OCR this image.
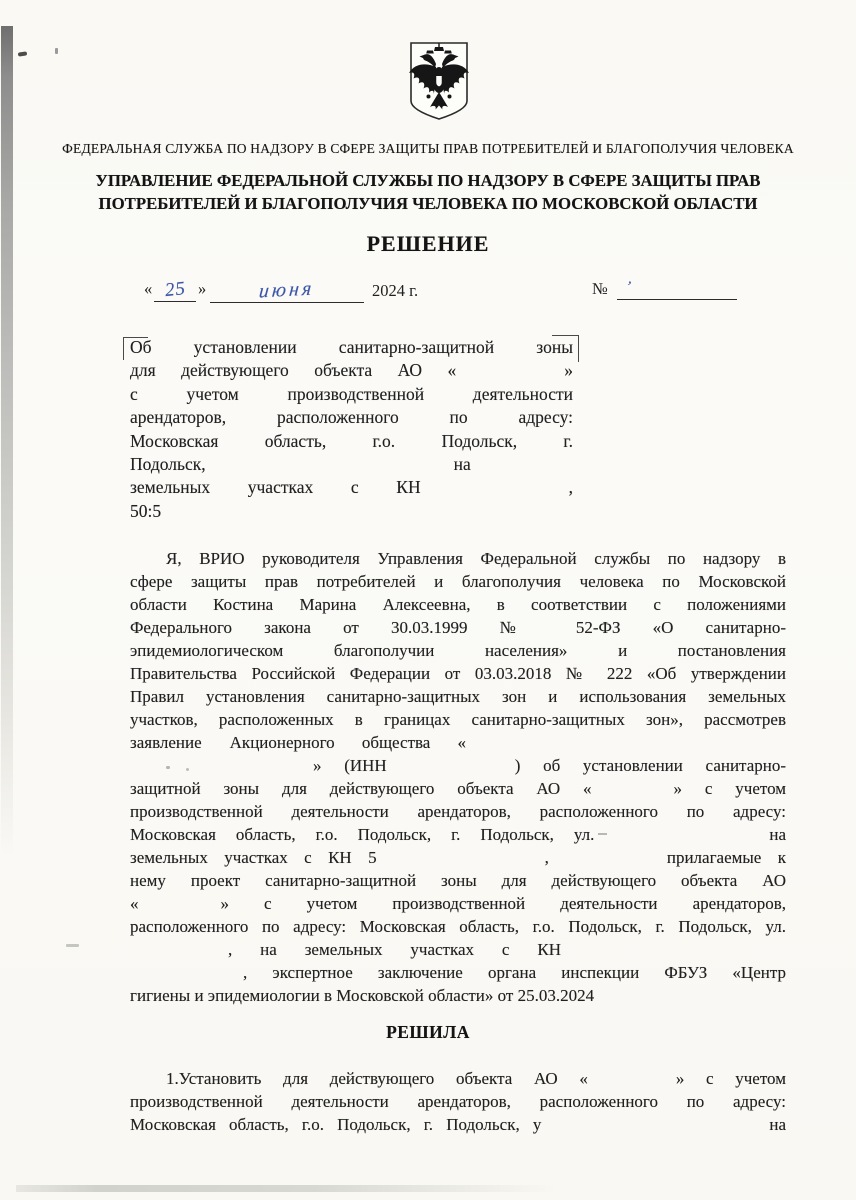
ФЕДЕРАЛЬНАЯ СЛУЖБА ПО НАДЗОРУ В СФЕРЕ ЗАЩИТЫ ПРАВ ПОТРЕБИТЕЛЕЙ И БЛАГОПОЛУЧИЯ ЧЕЛОВЕКА
УПРАВЛЕНИЕ ФЕДЕРАЛЬНОЙ СЛУЖБЫ ПО НАДЗОРУ В СФЕРЕ ЗАЩИТЫ ПРАВ ПОТРЕБИТЕЛЕЙ И БЛАГОПОЛУЧИЯ ЧЕЛОВЕКА ПО МОСКОВСКОЙ ОБЛАСТИ
РЕШЕНИЕ
« 25 »	июня	2024 г.	№ ʼ
Об установлении санитарно-защитной зоны
для действующего объекта АО «	»
с учетом производственной деятельности
арендаторов, расположенного по адресу:
Московская область, г.о. Подольск, г.
Подольск,	на
земельных участках с КН	,
50:5
Я, ВРИО руководителя Управления Федеральной службы по надзору в
сфере защиты прав потребителей и благополучия человека по Московской
области Костина Марина Алексеевна, в соответствии с положениями
Федерального закона от 30.03.1999 № 52-ФЗ «О санитарно-
эпидемиологическом благополучии населения» и постановления
Правительства Российской Федерации от 03.03.2018 № 222 «Об утверждении
Правил установления санитарно-защитных зон и использования земельных
участков, расположенных в границах санитарно-защитных зон», рассмотрев
заявление Акционерного общества «
» (ИНН	) об установлении санитарно-
защитной зоны для действующего объекта АО «	» с учетом
производственной деятельности арендаторов, расположенного по адресу:
Московская область, г.о. Подольск, г. Подольск, ул.	на
земельных участках с КН 5	,	прилагаемые к
нему проект санитарно-защитной зоны для действующего объекта АО
«	» с учетом производственной деятельности арендаторов,
расположенного по адресу: Московская область, г.о. Подольск, г. Подольск, ул.
, на земельных участках с КН
, экспертное заключение органа инспекции ФБУЗ «Центр
гигиены и эпидемиологии в Московской области» от 25.03.2024
РЕШИЛА
1.Установить для действующего объекта АО «	» с учетом
производственной деятельности арендаторов, расположенного по адресу:
Московская область, г.о. Подольск, г. Подольск, у	на
